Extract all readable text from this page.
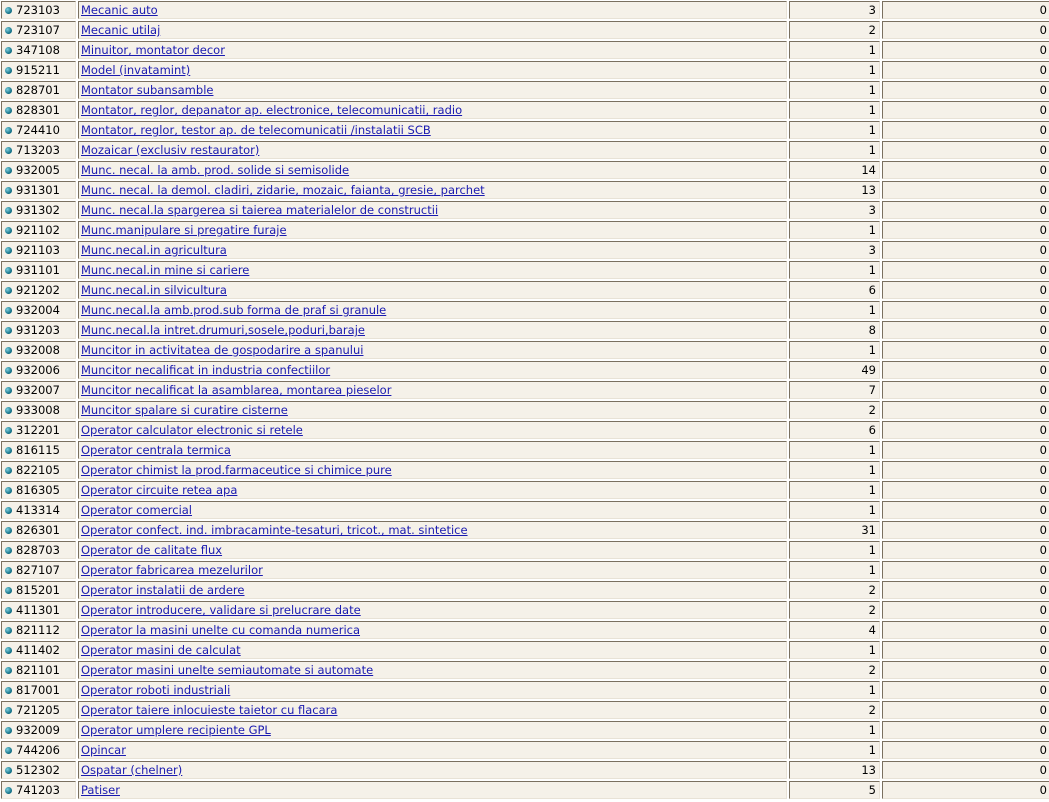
723103	Mecanic auto	3	0
723107	Mecanic utilaj	2	0
347108	Minuitor, montator decor	1	0
915211	Model (invatamint)	1	0
828701	Montator subansamble	1	0
828301	Montator, reglor, depanator ap. electronice, telecomunicatii, radio	1	0
724410	Montator, reglor, testor ap. de telecomunicatii /instalatii SCB	1	0
713203	Mozaicar (exclusiv restaurator)	1	0
932005	Munc. necal. la amb. prod. solide si semisolide	14	0
931301	Munc. necal. la demol. cladiri, zidarie, mozaic, faianta, gresie, parchet	13	0
931302	Munc. necal.la spargerea si taierea materialelor de constructii	3	0
921102	Munc.manipulare si pregatire furaje	1	0
921103	Munc.necal.in agricultura	3	0
931101	Munc.necal.in mine si cariere	1	0
921202	Munc.necal.in silvicultura	6	0
932004	Munc.necal.la amb.prod.sub forma de praf si granule	1	0
931203	Munc.necal.la intret.drumuri,sosele,poduri,baraje	8	0
932008	Muncitor in activitatea de gospodarire a spanului	1	0
932006	Muncitor necalificat in industria confectiilor	49	0
932007	Muncitor necalificat la asamblarea, montarea pieselor	7	0
933008	Muncitor spalare si curatire cisterne	2	0
312201	Operator calculator electronic si retele	6	0
816115	Operator centrala termica	1	0
822105	Operator chimist la prod.farmaceutice si chimice pure	1	0
816305	Operator circuite retea apa	1	0
413314	Operator comercial	1	0
826301	Operator confect. ind. imbracaminte-tesaturi, tricot., mat. sintetice	31	0
828703	Operator de calitate flux	1	0
827107	Operator fabricarea mezelurilor	1	0
815201	Operator instalatii de ardere	2	0
411301	Operator introducere, validare si prelucrare date	2	0
821112	Operator la masini unelte cu comanda numerica	4	0
411402	Operator masini de calculat	1	0
821101	Operator masini unelte semiautomate si automate	2	0
817001	Operator roboti industriali	1	0
721205	Operator taiere inlocuieste taietor cu flacara	2	0
932009	Operator umplere recipiente GPL	1	0
744206	Opincar	1	0
512302	Ospatar (chelner)	13	0
741203	Patiser	5	0
